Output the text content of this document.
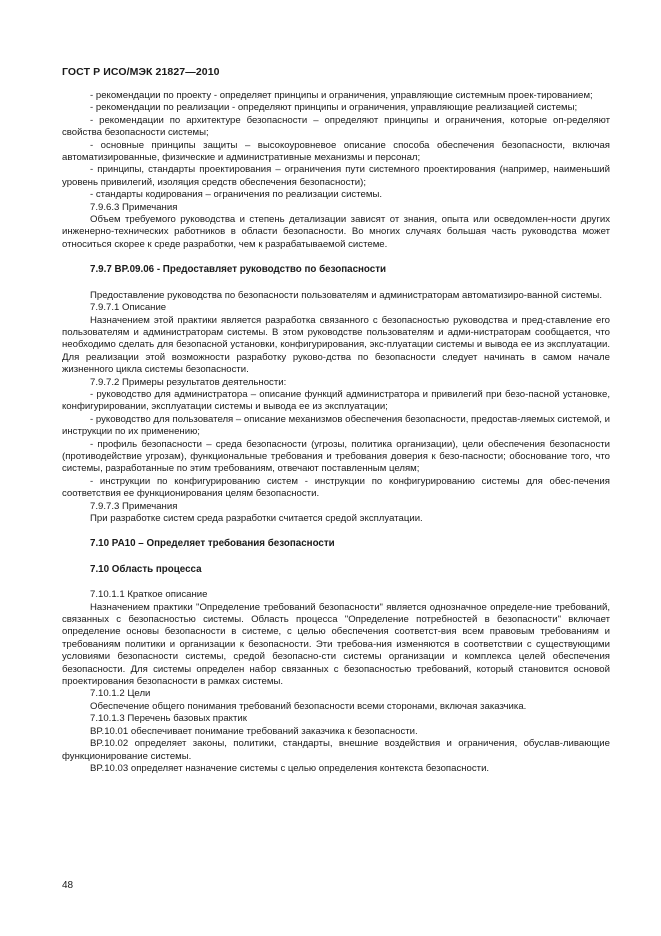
ГОСТ Р ИСО/МЭК 21827—2010

- рекомендации по проекту - определяет принципы и ограничения, управляющие системным проек-тированием;

- рекомендации по реализации - определяют принципы и ограничения, управляющие реализацией системы;

- рекомендации по архитектуре безопасности – определяют принципы и ограничения, которые оп-ределяют свойства безопасности системы;

- основные принципы защиты – высокоуровневое описание способа обеспечения безопасности, включая автоматизированные, физические и административные механизмы и персонал;

- принципы, стандарты проектирования – ограничения пути системного проектирования (например, наименьший уровень привилегий, изоляция средств обеспечения безопасности);

- стандарты кодирования – ограничения по реализации системы.

7.9.6.3 Примечания

Объем требуемого руководства и степень детализации зависят от знания, опыта или осведомлен-ности других инженерно-технических работников в области безопасности. Во многих случаях большая часть руководства может относиться скорее к среде разработки, чем к разрабатываемой системе.

7.9.7 BP.09.06 - Предоставляет руководство по безопасности

Предоставление руководства по безопасности пользователям и администраторам автоматизиро-ванной системы.

7.9.7.1 Описание

Назначением этой практики является разработка связанного с безопасностью руководства и пред-ставление его пользователям и администраторам системы. В этом руководстве пользователям и адми-нистраторам сообщается, что необходимо сделать для безопасной установки, конфигурирования, экс-плуатации системы и вывода ее из эксплуатации. Для реализации этой возможности разработку руково-дства по безопасности следует начинать в самом начале жизненного цикла системы безопасности.

7.9.7.2 Примеры результатов деятельности:

- руководство для администратора – описание функций администратора и привилегий при безо-пасной установке, конфигурировании, эксплуатации системы и вывода ее из эксплуатации;

- руководство для пользователя – описание механизмов обеспечения безопасности, предостав-ляемых системой, и инструкции по их применению;

- профиль безопасности – среда безопасности (угрозы, политика организации), цели обеспечения безопасности (противодействие угрозам), функциональные требования и требования доверия к безо-пасности; обоснование того, что системы, разработанные по этим требованиям, отвечают поставленным целям;

- инструкции по конфигурированию систем - инструкции по конфигурированию системы для обес-печения соответствия ее функционирования целям безопасности.

7.9.7.3 Примечания

При разработке систем среда разработки считается средой эксплуатации.

7.10 PA10 – Определяет требования безопасности

7.10 Область процесса

7.10.1.1 Краткое описание

Назначением практики "Определение требований безопасности" является однозначное определе-ние требований, связанных с безопасностью системы. Область процесса "Определение потребностей в безопасности" включает определение основы безопасности в системе, с целью обеспечения соответст-вия всем правовым требованиям и требованиям политики и организации к безопасности. Эти требова-ния изменяются в соответствии с существующими условиями безопасности системы, средой безопасно-сти системы организации и комплекса целей обеспечения безопасности. Для системы определен набор связанных с безопасностью требований, который становится основой проектирования безопасности в рамках системы.

7.10.1.2 Цели

Обеспечение общего понимания требований безопасности всеми сторонами, включая заказчика.

7.10.1.3 Перечень базовых практик

BP.10.01 обеспечивает понимание требований заказчика к безопасности.

BP.10.02 определяет законы, политики, стандарты, внешние воздействия и ограничения, обуслав-ливающие функционирование системы.

BP.10.03 определяет назначение системы с целью определения контекста безопасности.

48
